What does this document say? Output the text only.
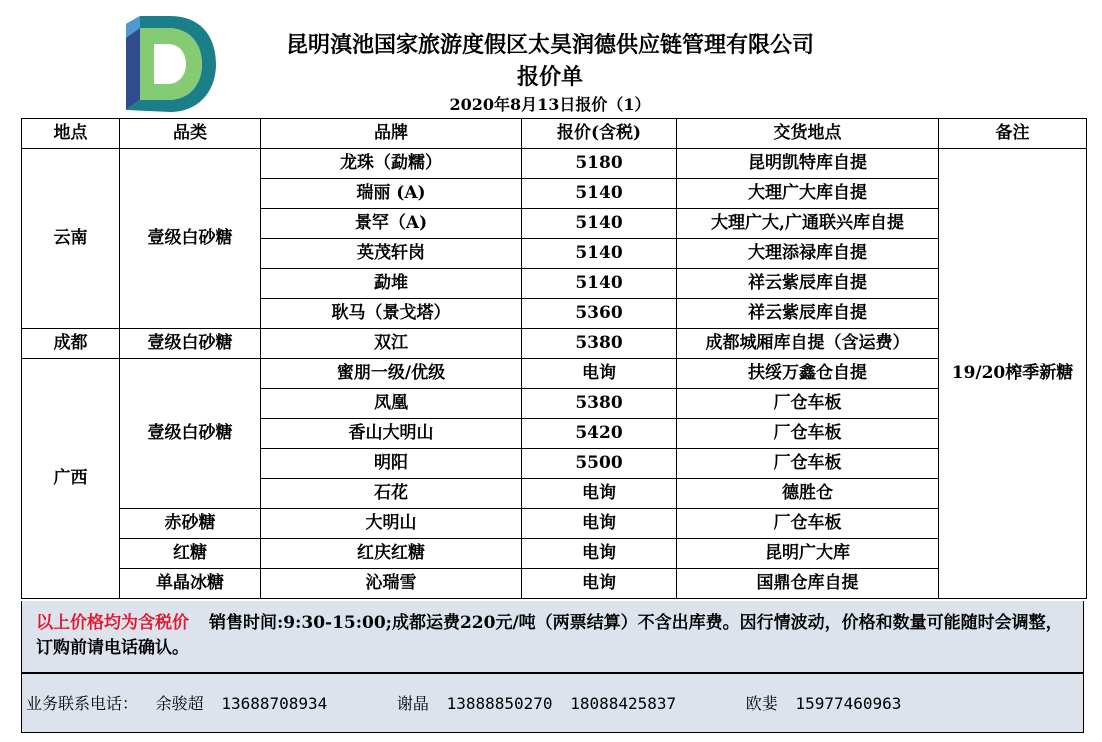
昆明滇池国家旅游度假区太昊润德供应链管理有限公司
报价单
2020年8月13日报价（1）
地点	品类	品牌	报价(含税)	交货地点	备注
云南	壹级白砂糖	龙珠（勐糯）	5180	昆明凯特库自提	19/20榨季新糖
		瑞丽 (A)	5140	大理广大库自提	
		景罕（A)	5140	大理广大,广通联兴库自提	
		英茂轩岗	5140	大理添禄库自提	
		勐堆	5140	祥云紫辰库自提	
		耿马（景戈塔）	5360	祥云紫辰库自提	
成都	壹级白砂糖	双江	5380	成都城厢库自提（含运费）	
广西	壹级白砂糖	蜜朋一级/优级	电询	扶绥万鑫仓自提	
		凤凰	5380	厂仓车板	
		香山大明山	5420	厂仓车板	
		明阳	5500	厂仓车板	
		石花	电询	德胜仓	
	赤砂糖	大明山	电询	厂仓车板	
	红糖	红庆红糖	电询	昆明广大库	
	单晶冰糖	沁瑞雪	电询	国鼎仓库自提	
以上价格均为含税价 销售时间:9:30-15:00;成都运费220元/吨（两票结算）不含出库费。因行情波动，价格和数量可能随时会调整，订购前请电话确认。
业务联系电话： 余骏超 13688708934	谢晶 13888850270 18088425837	欧婓 15977460963
